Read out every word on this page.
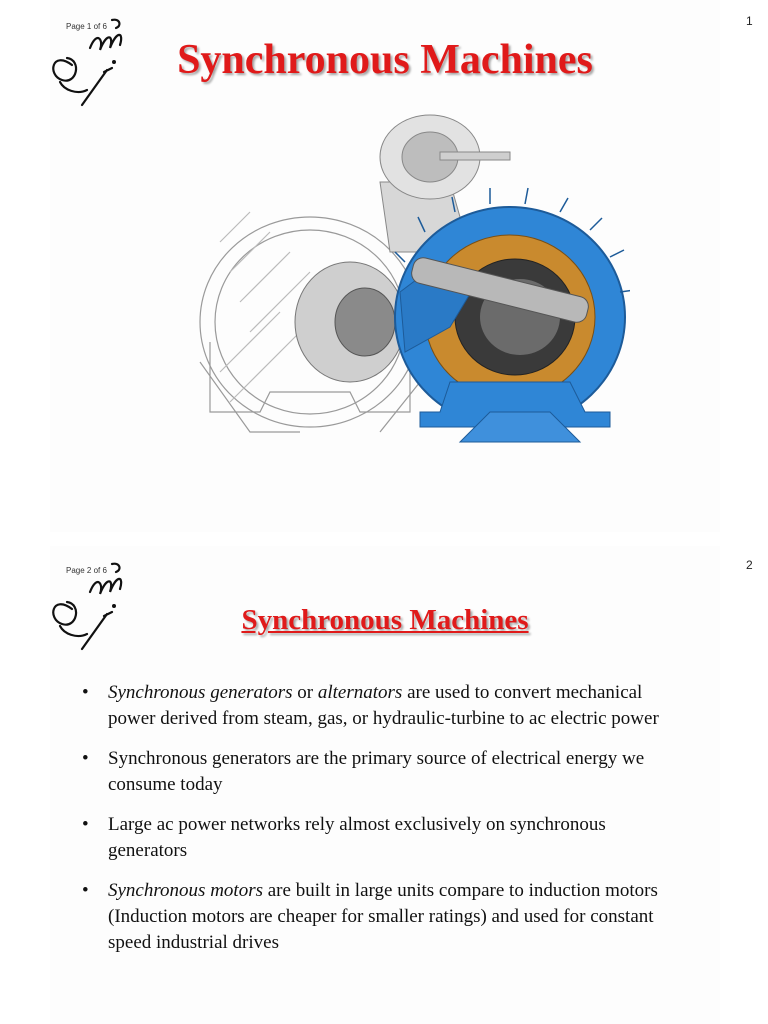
Page 1 of 6
Synchronous Machines
1
Page 2 of 6
Synchronous Machines
• Synchronous generators or alternators are used to convert mechanical power derived from steam, gas, or hydraulic-turbine to ac electric power
• Synchronous generators are the primary source of electrical energy we consume today
• Large ac power networks rely almost exclusively on synchronous generators
• Synchronous motors are built in large units compare to induction motors (Induction motors are cheaper for smaller ratings) and used for constant speed industrial drives
2
